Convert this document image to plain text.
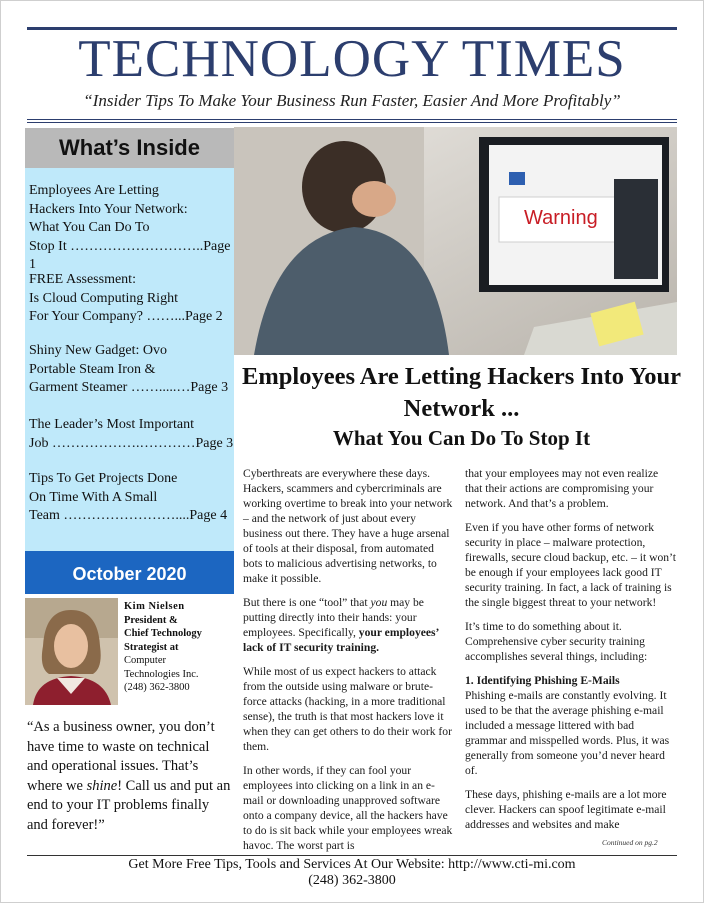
TECHNOLOGY TIMES
“Insider Tips To Make Your Business Run Faster, Easier And More Profitably”
What’s Inside
Employees Are Letting
Hackers Into Your Network:
What You Can Do To
Stop It ………………………..Page 1
FREE Assessment:
Is Cloud Computing Right
For Your Company? ……...Page 2
Shiny New Gadget: Ovo
Portable Steam Iron &
Garment Steamer …….....…Page 3
The Leader’s Most Important
Job ……………….…………Page 3
Tips To Get Projects Done
On Time With A Small
Team ……………………....Page 4
October 2020
Kim Nielsen
President &
Chief Technology
Strategist at
Computer
Technologies Inc.
(248) 362-3800
“As a business owner, you don’t have time to waste on technical and operational issues. That’s where we shine! Call us and put an end to your IT problems finally and forever!”
Warning
Employees Are Letting Hackers Into Your Network ...
What You Can Do To Stop It

Cyberthreats are everywhere these days. Hackers, scammers and cybercriminals are working overtime to break into your network – and the network of just about every business out there. They have a huge arsenal of tools at their disposal, from automated bots to malicious advertising networks, to make it possible.

But there is one “tool” that you may be putting directly into their hands: your employees. Specifically, your employees’ lack of IT security training.

While most of us expect hackers to attack from the outside using malware or brute-force attacks (hacking, in a more traditional sense), the truth is that most hackers love it when they can get others to do their work for them.

In other words, if they can fool your employees into clicking on a link in an e-mail or downloading unapproved software onto a company device, all the hackers have to do is sit back while your employees wreak havoc. The worst part is

that your employees may not even realize that their actions are compromising your network. And that’s a problem.

Even if you have other forms of network security in place – malware protection, firewalls, secure cloud backup, etc. – it won’t be enough if your employees lack good IT security training. In fact, a lack of training is the single biggest threat to your network!

It’s time to do something about it. Comprehensive cyber security training accomplishes several things, including:

1. Identifying Phishing E-Mails

Phishing e-mails are constantly evolving. It used to be that the average phishing e-mail included a message littered with bad grammar and misspelled words. Plus, it was generally from someone you’d never heard of.

These days, phishing e-mails are a lot more clever. Hackers can spoof legitimate e-mail addresses and websites and make

Continued on pg.2
Get More Free Tips, Tools and Services At Our Website: http://www.cti-mi.com
(248) 362-3800
